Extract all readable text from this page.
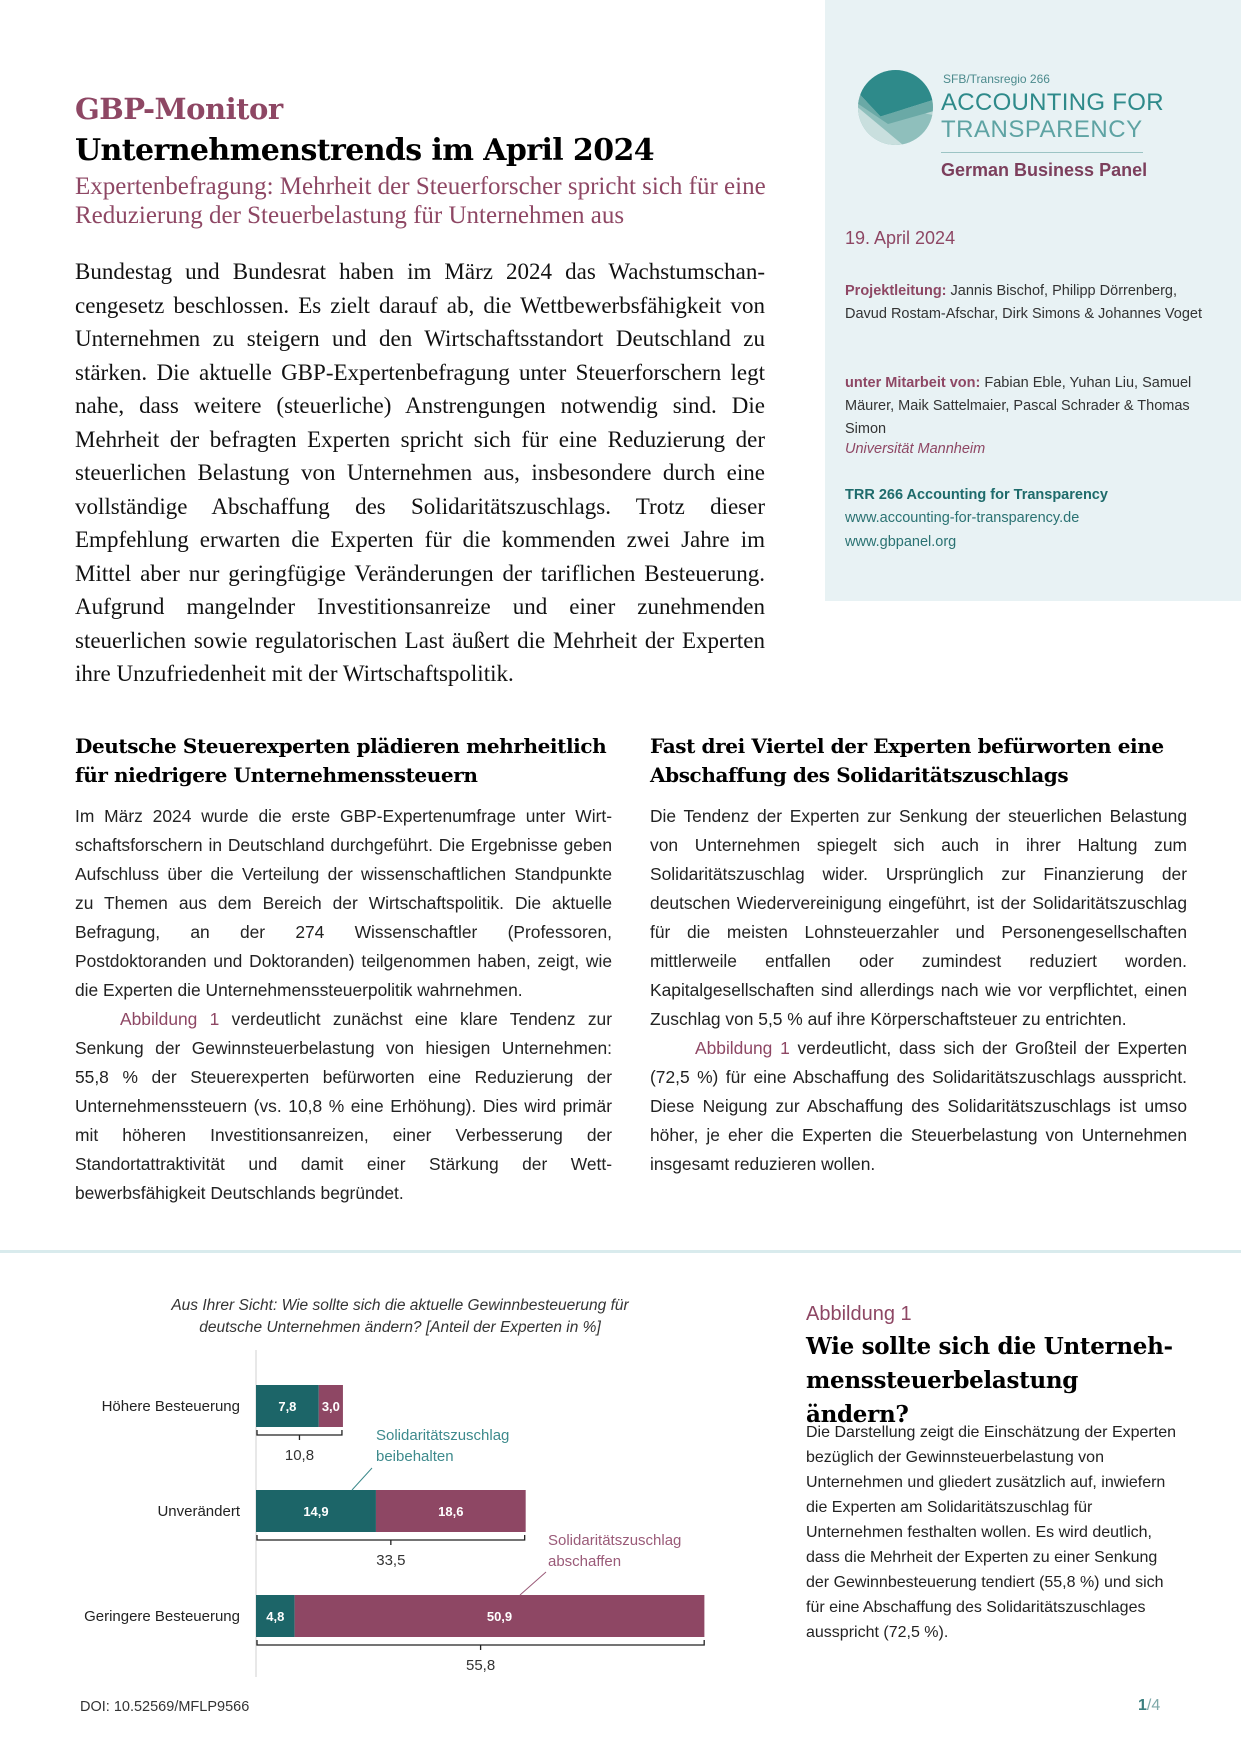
GBP-Monitor
Unternehmenstrends im April 2024
Expertenbefragung: Mehrheit der Steuerforscher spricht sich für eine Reduzierung der Steuerbelastung für Unternehmen aus
Bundestag und Bundesrat haben im März 2024 das Wachstumschancengesetz beschlossen. Es zielt darauf ab, die Wettbewerbsfähigkeit von Unternehmen zu steigern und den Wirtschaftsstandort Deutschland zu stärken. Die aktuelle GBP-Expertenbefragung unter Steuerforschern legt nahe, dass weitere (steuerliche) Anstrengungen notwendig sind. Die Mehrheit der befragten Experten spricht sich für eine Reduzierung der steuerlichen Belastung von Unternehmen aus, insbesondere durch eine vollständige Abschaffung des Solidaritätszuschlags. Trotz dieser Empfehlung erwarten die Experten für die kommenden zwei Jahre im Mittel aber nur geringfügige Veränderungen der tariflichen Besteuerung. Aufgrund mangelnder Investitionsanreize und einer zunehmenden steuerlichen sowie regulatorischen Last äußert die Mehrheit der Experten ihre Unzufriedenheit mit der Wirtschaftspolitik.
SFB/Transregio 266
ACCOUNTING FOR
TRANSPARENCY
German Business Panel
19. April 2024
Projektleitung: Jannis Bischof, Philipp Dörrenberg, Davud Rostam-Afschar, Dirk Simons & Johannes Voget
unter Mitarbeit von: Fabian Eble, Yuhan Liu, Samuel Mäurer, Maik Sattelmaier, Pascal Schrader & Thomas Simon
Universität Mannheim
TRR 266 Accounting for Transparency
www.accounting-for-transparency.de
www.gbpanel.org
Deutsche Steuerexperten plädieren mehrheitlich für niedrigere Unternehmenssteuern

Im März 2024 wurde die erste GBP-Expertenumfrage unter Wirtschaftsforschern in Deutschland durchgeführt. Die Ergebnisse geben Aufschluss über die Verteilung der wissenschaftlichen Standpunkte zu Themen aus dem Bereich der Wirtschaftspolitik. Die aktuelle Befragung, an der 274 Wissenschaftler (Professoren, Postdoktoranden und Doktoranden) teilgenommen haben, zeigt, wie die Experten die Unternehmenssteuerpolitik wahrnehmen.

Abbildung 1 verdeutlicht zunächst eine klare Tendenz zur Senkung der Gewinnsteuerbelastung von hiesigen Unternehmen: 55,8 % der Steuerexperten befürworten eine Reduzierung der Unternehmenssteuern (vs. 10,8 % eine Erhöhung). Dies wird primär mit höheren Investitionsanreizen, einer Verbesserung der Standortattraktivität und damit einer Stärkung der Wettbewerbsfähigkeit Deutschlands begründet.

Fast drei Viertel der Experten befürworten eine Abschaffung des Solidaritätszuschlags

Die Tendenz der Experten zur Senkung der steuerlichen Belastung von Unternehmen spiegelt sich auch in ihrer Haltung zum Solidaritätszuschlag wider. Ursprünglich zur Finanzierung der deutschen Wiedervereinigung eingeführt, ist der Solidaritätszuschlag für die meisten Lohnsteuerzahler und Personengesellschaften mittlerweile entfallen oder zumindest reduziert worden. Kapitalgesellschaften sind allerdings nach wie vor verpflichtet, einen Zuschlag von 5,5 % auf ihre Körperschaftsteuer zu entrichten.

Abbildung 1 verdeutlicht, dass sich der Großteil der Experten (72,5 %) für eine Abschaffung des Solidaritätszuschlags ausspricht. Diese Neigung zur Abschaffung des Solidaritätszuschlags ist umso höher, je eher die Experten die Steuerbelastung von Unternehmen insgesamt reduzieren wollen.

Aus Ihrer Sicht: Wie sollte sich die aktuelle Gewinnbesteuerung für deutsche Unternehmen ändern? [Anteil der Experten in %]
Höhere Besteuerung	7,8 3,0
10,8
Unverändert	14,9	18,6
33,5
Geringere Besteuerung 4,8	50,9
55,8
Solidaritätszuschlag
beibehalten
Solidaritätszuschlag
abschaffen
Abbildung 1
Wie sollte sich die Unternehmenssteuerbelastung ändern?
Die Darstellung zeigt die Einschätzung der Experten bezüglich der Gewinnsteuerbelastung von Unternehmen und gliedert zusätzlich auf, inwiefern die Experten am Solidaritätszuschlag für Unternehmen festhalten wollen. Es wird deutlich, dass die Mehrheit der Experten zu einer Senkung der Gewinnbesteuerung tendiert (55,8 %) und sich für eine Abschaffung des Solidaritätszuschlages ausspricht (72,5 %).
DOI: 10.52569/MFLP9566	1/4
